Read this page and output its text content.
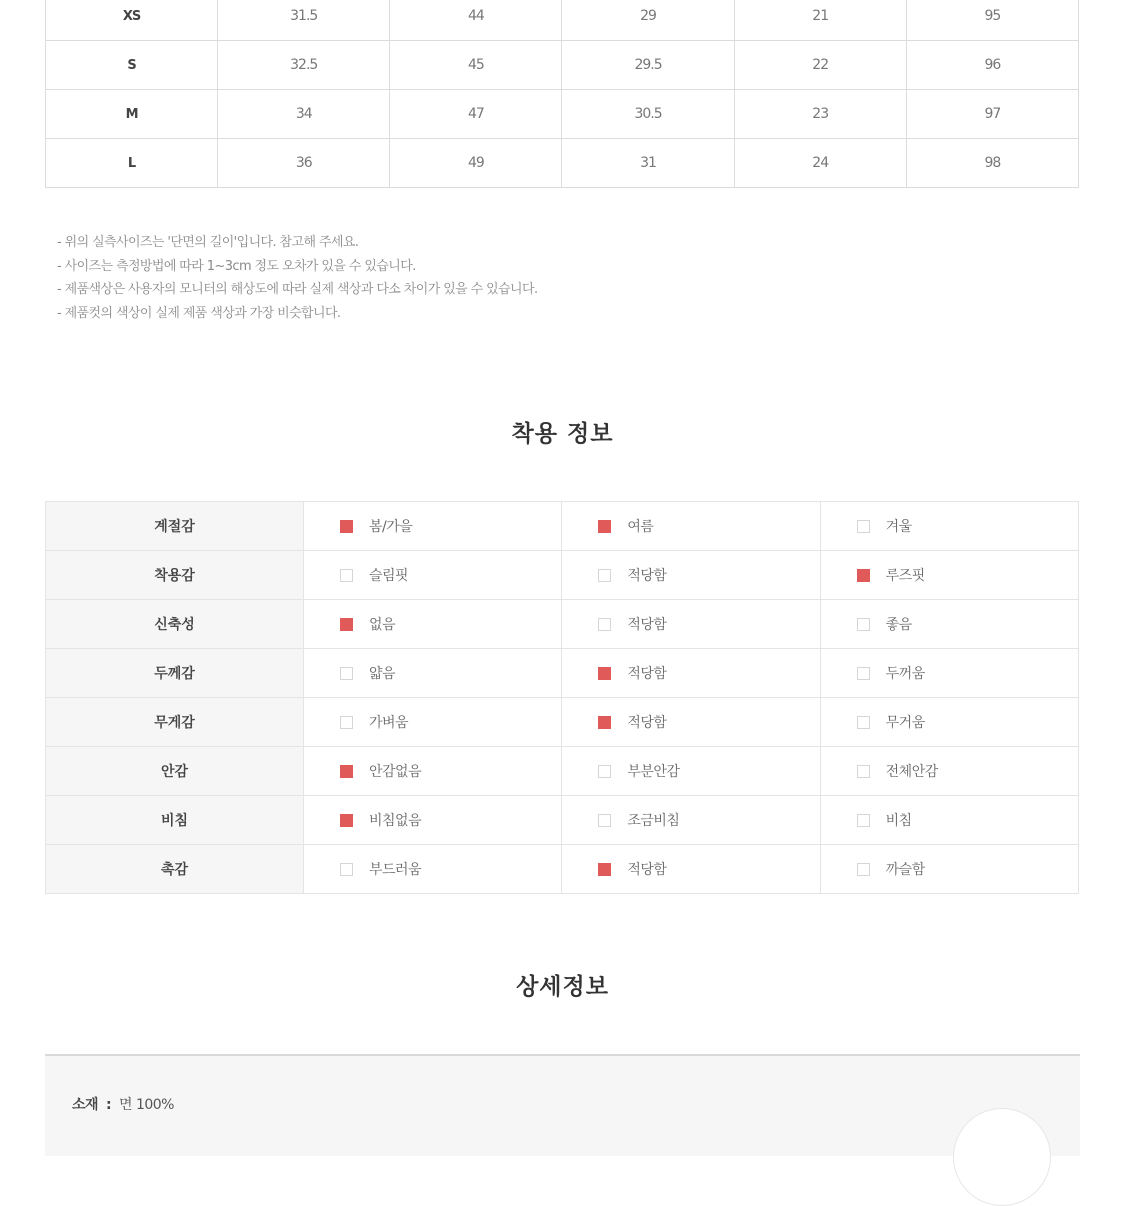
XS	31.5	44	29	21	95
S	32.5	45	29.5	22	96
M	34	47	30.5	23	97
L	36	49	31	24	98
- 위의 실측사이즈는 '단면의 길이'입니다. 참고해 주세요.
- 사이즈는 측정방법에 따라 1~3cm 정도 오차가 있을 수 있습니다.
- 제품색상은 사용자의 모니터의 해상도에 따라 실제 색상과 다소 차이가 있을 수 있습니다.
- 제품컷의 색상이 실제 제품 색상과 가장 비슷합니다.
착용 정보
계절감	봄/가을	여름	겨울

착용감	슬림핏	적당함	루즈핏

신축성	없음	적당함	좋음

두께감	얇음	적당함	두꺼움

무게감	가벼움	적당함	무거움

안감	안감없음	부분안감	전체안감

비침	비침없음	조금비침	비침

촉감	부드러움	적당함	까슬함
상세정보
소재 : 면 100%
